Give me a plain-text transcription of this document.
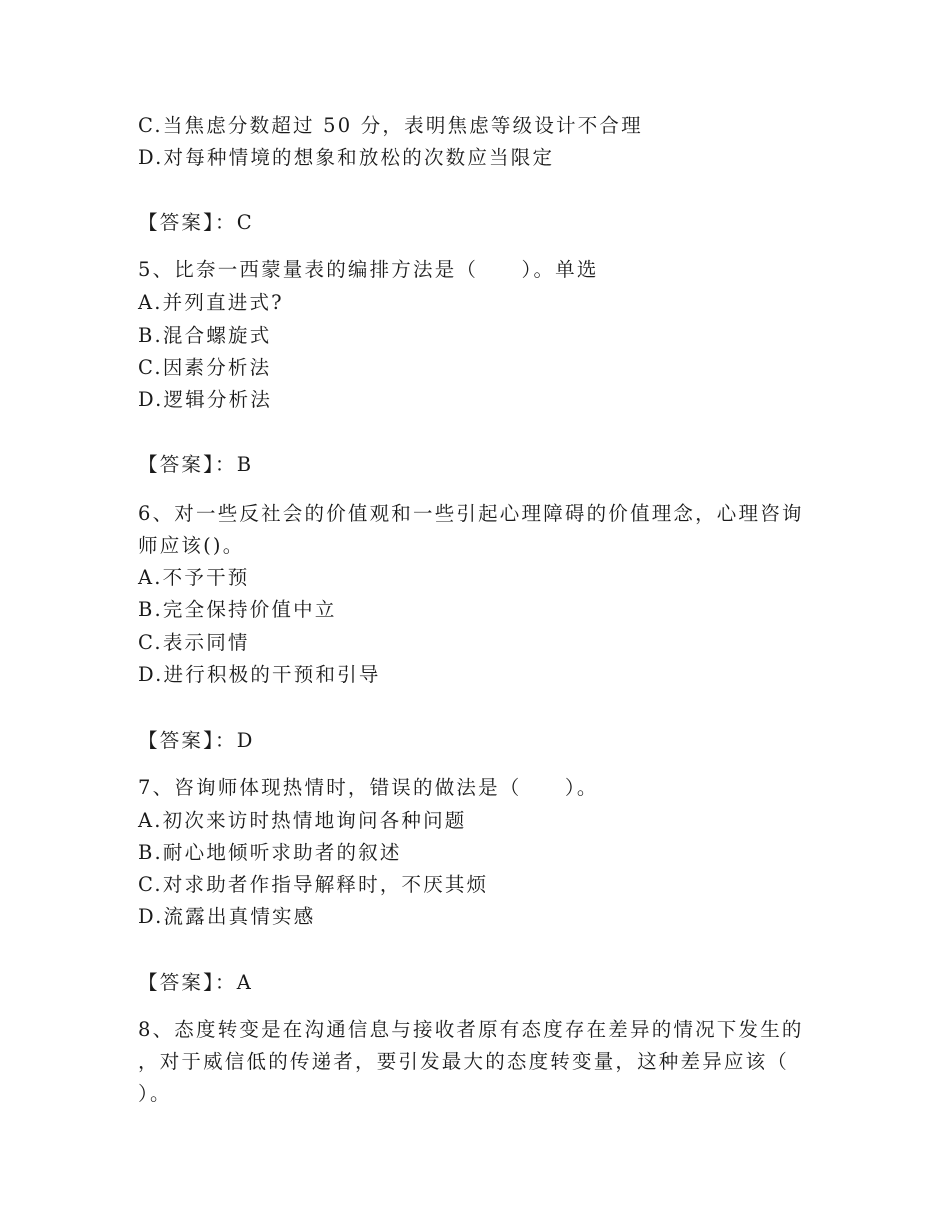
C.当焦虑分数超过 50 分，表明焦虑等级设计不合理
D.对每种情境的想象和放松的次数应当限定
【答案】：C
5、比奈一西蒙量表的编排方法是（　　）。单选
A.并列直进式?
B.混合螺旋式
C.因素分析法
D.逻辑分析法
【答案】：B
6、对一些反社会的价值观和一些引起心理障碍的价值理念，心理咨询
师应该()。
A.不予干预
B.完全保持价值中立
C.表示同情
D.进行积极的干预和引导
【答案】：D
7、咨询师体现热情时，错误的做法是（　　）。
A.初次来访时热情地询问各种问题
B.耐心地倾听求助者的叙述
C.对求助者作指导解释时，不厌其烦
D.流露出真情实感
【答案】：A
8、态度转变是在沟通信息与接收者原有态度存在差异的情况下发生的
，对于威信低的传递者，要引发最大的态度转变量，这种差异应该（
）。
